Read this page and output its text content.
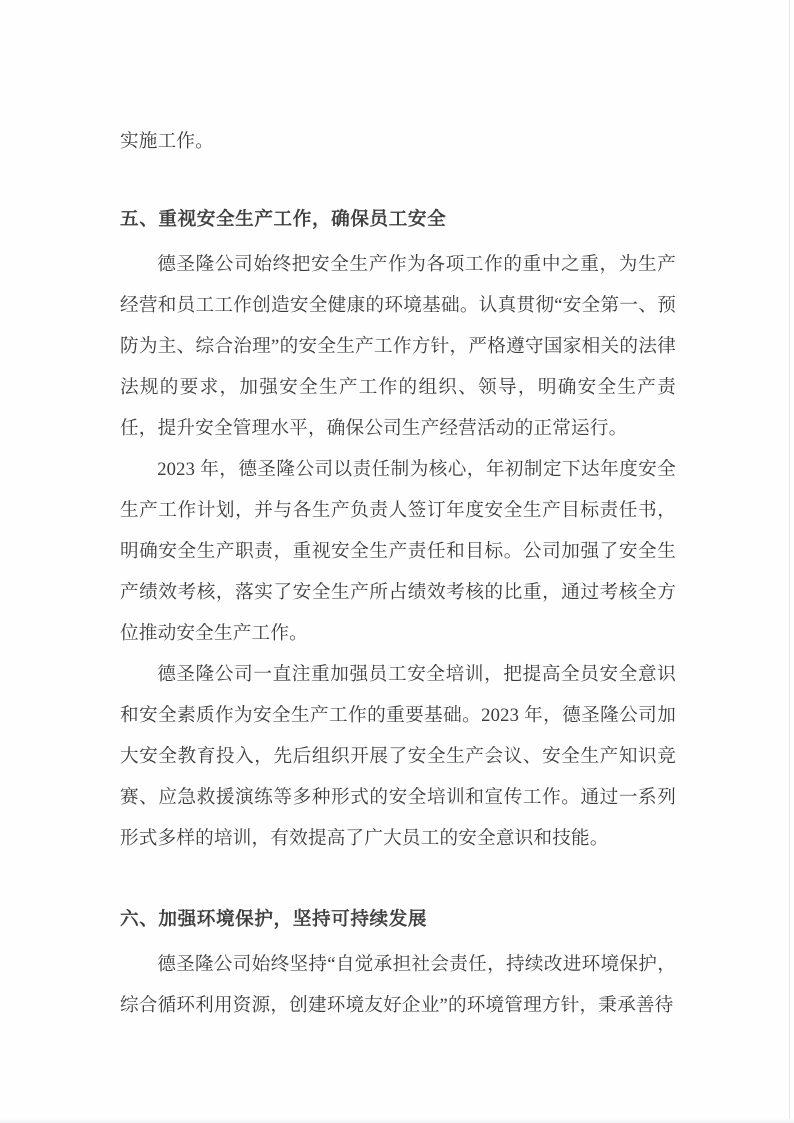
实施工作。

五、重视安全生产工作，确保员工安全

德圣隆公司始终把安全生产作为各项工作的重中之重，为生产经营和员工工作创造安全健康的环境基础。认真贯彻“安全第一、预防为主、综合治理”的安全生产工作方针，严格遵守国家相关的法律法规的要求，加强安全生产工作的组织、领导，明确安全生产责任，提升安全管理水平，确保公司生产经营活动的正常运行。

2023 年，德圣隆公司以责任制为核心，年初制定下达年度安全生产工作计划，并与各生产负责人签订年度安全生产目标责任书，明确安全生产职责，重视安全生产责任和目标。公司加强了安全生产绩效考核，落实了安全生产所占绩效考核的比重，通过考核全方位推动安全生产工作。

德圣隆公司一直注重加强员工安全培训，把提高全员安全意识和安全素质作为安全生产工作的重要基础。2023 年，德圣隆公司加大安全教育投入，先后组织开展了安全生产会议、安全生产知识竞赛、应急救援演练等多种形式的安全培训和宣传工作。通过一系列形式多样的培训，有效提高了广大员工的安全意识和技能。

六、加强环境保护，坚持可持续发展

德圣隆公司始终坚持“自觉承担社会责任，持续改进环境保护，综合循环利用资源，创建环境友好企业”的环境管理方针，秉承善待
